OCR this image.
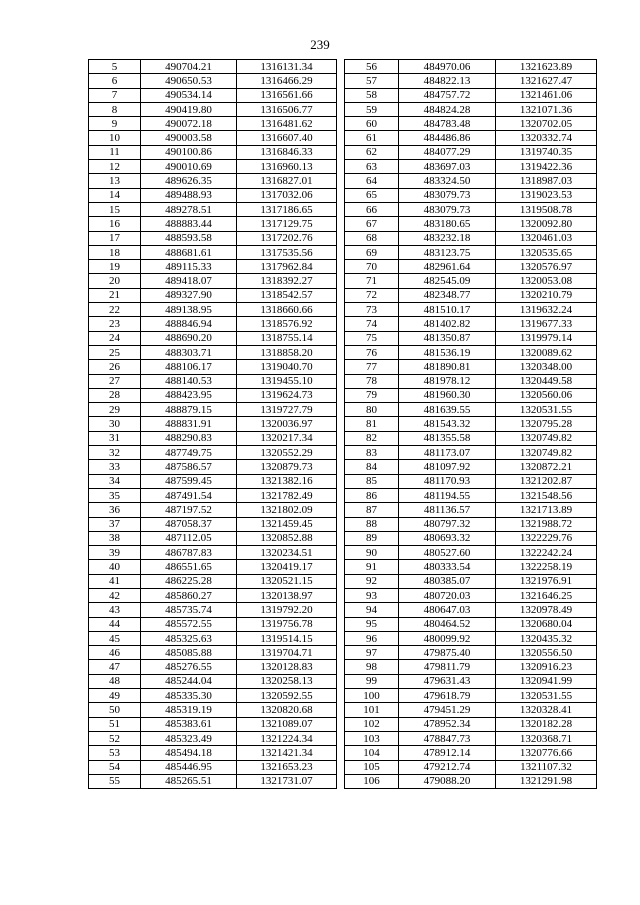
239
5	490704.21	1316131.34
6	490650.53	1316466.29
7	490534.14	1316561.66
8	490419.80	1316506.77
9	490072.18	1316481.62
10	490003.58	1316607.40
11	490100.86	1316846.33
12	490010.69	1316960.13
13	489626.35	1316827.01
14	489488.93	1317032.06
15	489278.51	1317186.65
16	488883.44	1317129.75
17	488593.58	1317202.76
18	488681.61	1317535.56
19	489115.33	1317962.84
20	489418.07	1318392.27
21	489327.90	1318542.57
22	489138.95	1318660.66
23	488846.94	1318576.92
24	488690.20	1318755.14
25	488303.71	1318858.20
26	488106.17	1319040.70
27	488140.53	1319455.10
28	488423.95	1319624.73
29	488879.15	1319727.79
30	488831.91	1320036.97
31	488290.83	1320217.34
32	487749.75	1320552.29
33	487586.57	1320879.73
34	487599.45	1321382.16
35	487491.54	1321782.49
36	487197.52	1321802.09
37	487058.37	1321459.45
38	487112.05	1320852.88
39	486787.83	1320234.51
40	486551.65	1320419.17
41	486225.28	1320521.15
42	485860.27	1320138.97
43	485735.74	1319792.20
44	485572.55	1319756.78
45	485325.63	1319514.15
46	485085.88	1319704.71
47	485276.55	1320128.83
48	485244.04	1320258.13
49	485335.30	1320592.55
50	485319.19	1320820.68
51	485383.61	1321089.07
52	485323.49	1321224.34
53	485494.18	1321421.34
54	485446.95	1321653.23
55	485265.51	1321731.07
56	484970.06	1321623.89
57	484822.13	1321627.47
58	484757.72	1321461.06
59	484824.28	1321071.36
60	484783.48	1320702.05
61	484486.86	1320332.74
62	484077.29	1319740.35
63	483697.03	1319422.36
64	483324.50	1318987.03
65	483079.73	1319023.53
66	483079.73	1319508.78
67	483180.65	1320092.80
68	483232.18	1320461.03
69	483123.75	1320535.65
70	482961.64	1320576.97
71	482545.09	1320053.08
72	482348.77	1320210.79
73	481510.17	1319632.24
74	481402.82	1319677.33
75	481350.87	1319979.14
76	481536.19	1320089.62
77	481890.81	1320348.00
78	481978.12	1320449.58
79	481960.30	1320560.06
80	481639.55	1320531.55
81	481543.32	1320795.28
82	481355.58	1320749.82
83	481173.07	1320749.82
84	481097.92	1320872.21
85	481170.93	1321202.87
86	481194.55	1321548.56
87	481136.57	1321713.89
88	480797.32	1321988.72
89	480693.32	1322229.76
90	480527.60	1322242.24
91	480333.54	1322258.19
92	480385.07	1321976.91
93	480720.03	1321646.25
94	480647.03	1320978.49
95	480464.52	1320680.04
96	480099.92	1320435.32
97	479875.40	1320556.50
98	479811.79	1320916.23
99	479631.43	1320941.99
100	479618.79	1320531.55
101	479451.29	1320328.41
102	478952.34	1320182.28
103	478847.73	1320368.71
104	478912.14	1320776.66
105	479212.74	1321107.32
106	479088.20	1321291.98
